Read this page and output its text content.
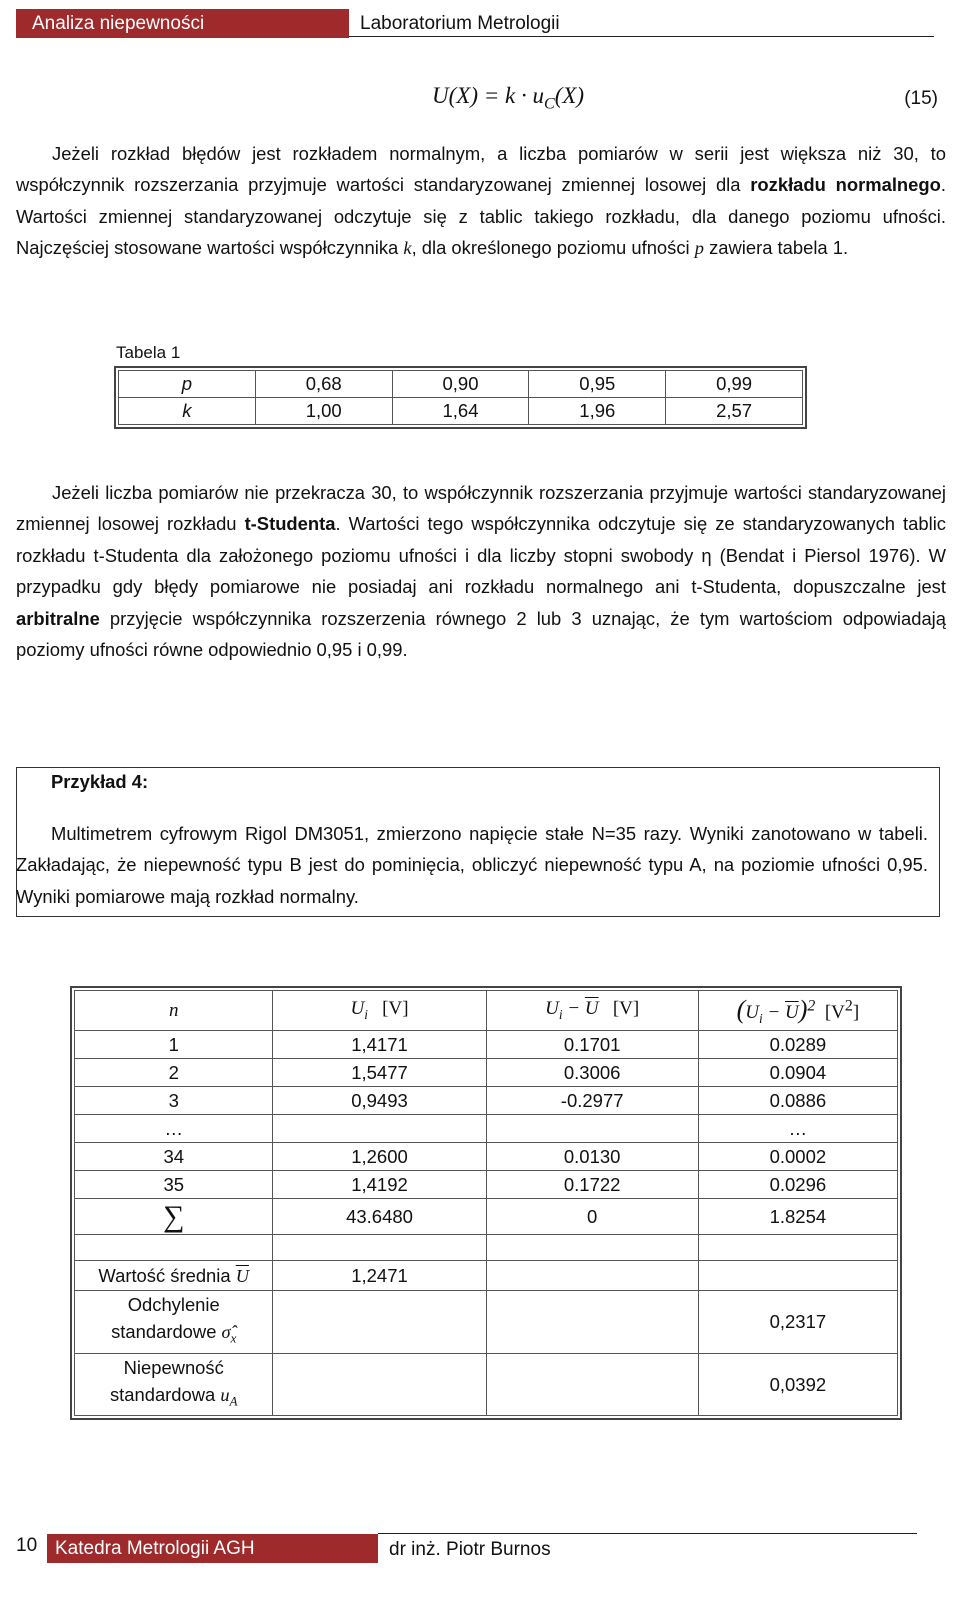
Analiza niepewności	Laboratorium Metrologii
$U(X) = k \cdot u_C(X)$	(15)

Jeżeli rozkład błędów jest rozkładem normalnym, a liczba pomiarów w serii jest większa niż 30, to współczynnik rozszerzania przyjmuje wartości standaryzowanej zmiennej losowej dla rozkładu normalnego. Wartości zmiennej standaryzowanej odczytuje się z tablic takiego rozkładu, dla danego poziomu ufności. Najczęściej stosowane wartości współczynnika k, dla określonego poziomu ufności p zawiera tabela 1.

Tabela 1
p	0,68	0,90	0,95	0,99
k	1,00	1,64	1,96	2,57

Jeżeli liczba pomiarów nie przekracza 30, to współczynnik rozszerzania przyjmuje wartości standaryzowanej zmiennej losowej rozkładu t-Studenta. Wartości tego współczynnika odczytuje się ze standaryzowanych tablic rozkładu t-Studenta dla założonego poziomu ufności i dla liczby stopni swobody η (Bendat i Piersol 1976). W przypadku gdy błędy pomiarowe nie posiadaj ani rozkładu normalnego ani t-Studenta, dopuszczalne jest arbitralne przyjęcie współczynnika rozszerzenia równego 2 lub 3 uznając, że tym wartościom odpowiadają poziomy ufności równe odpowiednio 0,95 i 0,99.

Przykład 4:

Multimetrem cyfrowym Rigol DM3051, zmierzono napięcie stałe N=35 razy. Wyniki zanotowano w tabeli. Zakładając, że niepewność typu B jest do pominięcia, obliczyć niepewność typu A, na poziomie ufności 0,95. Wyniki pomiarowe mają rozkład normalny.

n	$U_i$ [V]	$U_i - \overline{U}$ [V]	$(U_i - \overline{U})^2$ $[V^2]$
1	1,4171	0.1701	0.0289
2	1,5477	0.3006	0.0904
3	0,9493	-0.2977	0.0886
…			…
34	1,2600	0.0130	0.0002
35	1,4192	0.1722	0.0296
∑	43.6480	0	1.8254

Wartość średnia $\overline{U}$	1,2471		
Odchylenie
standardowe $\sigmâ_x$			0,2317
Niepewność
standardowa $u_A$			0,0392
10 Katedra Metrologii AGH	dr inż. Piotr Burnos
